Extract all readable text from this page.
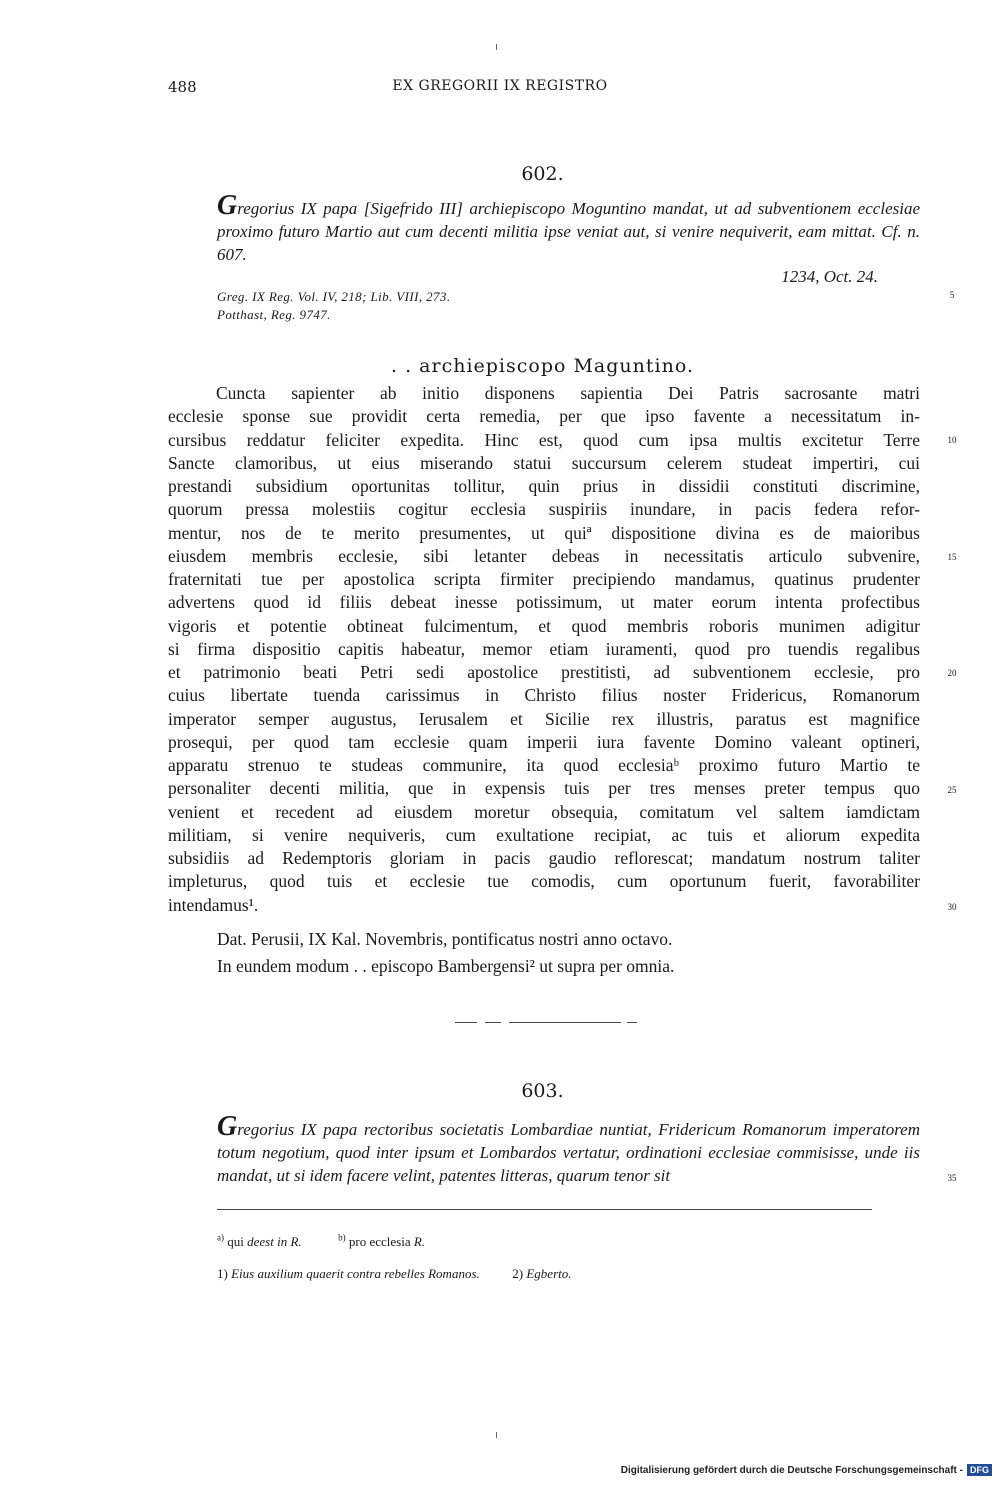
488	EX GREGORII IX REGISTRO
602.
Gregorius IX papa [Sigefrido III] archiepiscopo Moguntino mandat, ut ad subventionem ecclesiae proximo futuro Martio aut cum decenti militia ipse veniat aut, si venire nequiverit, eam mittat. Cf. n. 607.
1234, Oct. 24.
Greg. IX Reg. Vol. IV, 218; Lib. VIII, 273.
Potthast, Reg. 9747.
. . archiepiscopo Maguntino.
Cuncta sapienter ab initio disponens sapientia Dei Patris sacrosante matri
ecclesie sponse sue providit certa remedia, per que ipso favente a necessitatum in-
cursibus reddatur feliciter expedita. Hinc est, quod cum ipsa multis excitetur Terre
Sancte clamoribus, ut eius miserando statui succursum celerem studeat impertiri, cui
prestandi subsidium oportunitas tollitur, quin prius in dissidii constituti discrimine,
quorum pressa molestiis cogitur ecclesia suspiriis inundare, in pacis federa refor-
mentur, nos de te merito presumentes, ut quiª dispositione divina es de maioribus
eiusdem membris ecclesie, sibi letanter debeas in necessitatis articulo subvenire,
fraternitati tue per apostolica scripta firmiter precipiendo mandamus, quatinus prudenter
advertens quod id filiis debeat inesse potissimum, ut mater eorum intenta profectibus
vigoris et potentie obtineat fulcimentum, et quod membris roboris munimen adigitur
si firma dispositio capitis habeatur, memor etiam iuramenti, quod pro tuendis regalibus
et patrimonio beati Petri sedi apostolice prestitisti, ad subventionem ecclesie, pro
cuius libertate tuenda carissimus in Christo filius noster Fridericus, Romanorum
imperator semper augustus, Ierusalem et Sicilie rex illustris, paratus est magnifice
prosequi, per quod tam ecclesie quam imperii iura favente Domino valeant optineri,
apparatu strenuo te studeas communire, ita quod ecclesiaᵇ proximo futuro Martio te
personaliter decenti militia, que in expensis tuis per tres menses preter tempus quo
venient et recedent ad eiusdem moretur obsequia, comitatum vel saltem iamdictam
militiam, si venire nequiveris, cum exultatione recipiat, ac tuis et aliorum expedita
subsidiis ad Redemptoris gloriam in pacis gaudio reflorescat; mandatum nostrum taliter
impleturus, quod tuis et ecclesie tue comodis, cum oportunum fuerit, favorabiliter
intendamus¹.
Dat. Perusii, IX Kal. Novembris, pontificatus nostri anno octavo.
In eundem modum . . episcopo Bambergensi² ut supra per omnia.
5
10
15
20
25
30
35
603.
Gregorius IX papa rectoribus societatis Lombardiae nuntiat, Fridericum Romanorum imperatorem totum negotium, quod inter ipsum et Lombardos vertatur, ordinationi ecclesiae commisisse, unde iis mandat, ut si idem facere velint, patentes litteras, quarum tenor sit
$^{a)}$ qui deest in R.	$^{b)}$ pro ecclesia R.
1) Eius auxilium quaerit contra rebelles Romanos.	2) Egberto.
Digitalisierung gefördert durch die Deutsche Forschungsgemeinschaft - DFG
